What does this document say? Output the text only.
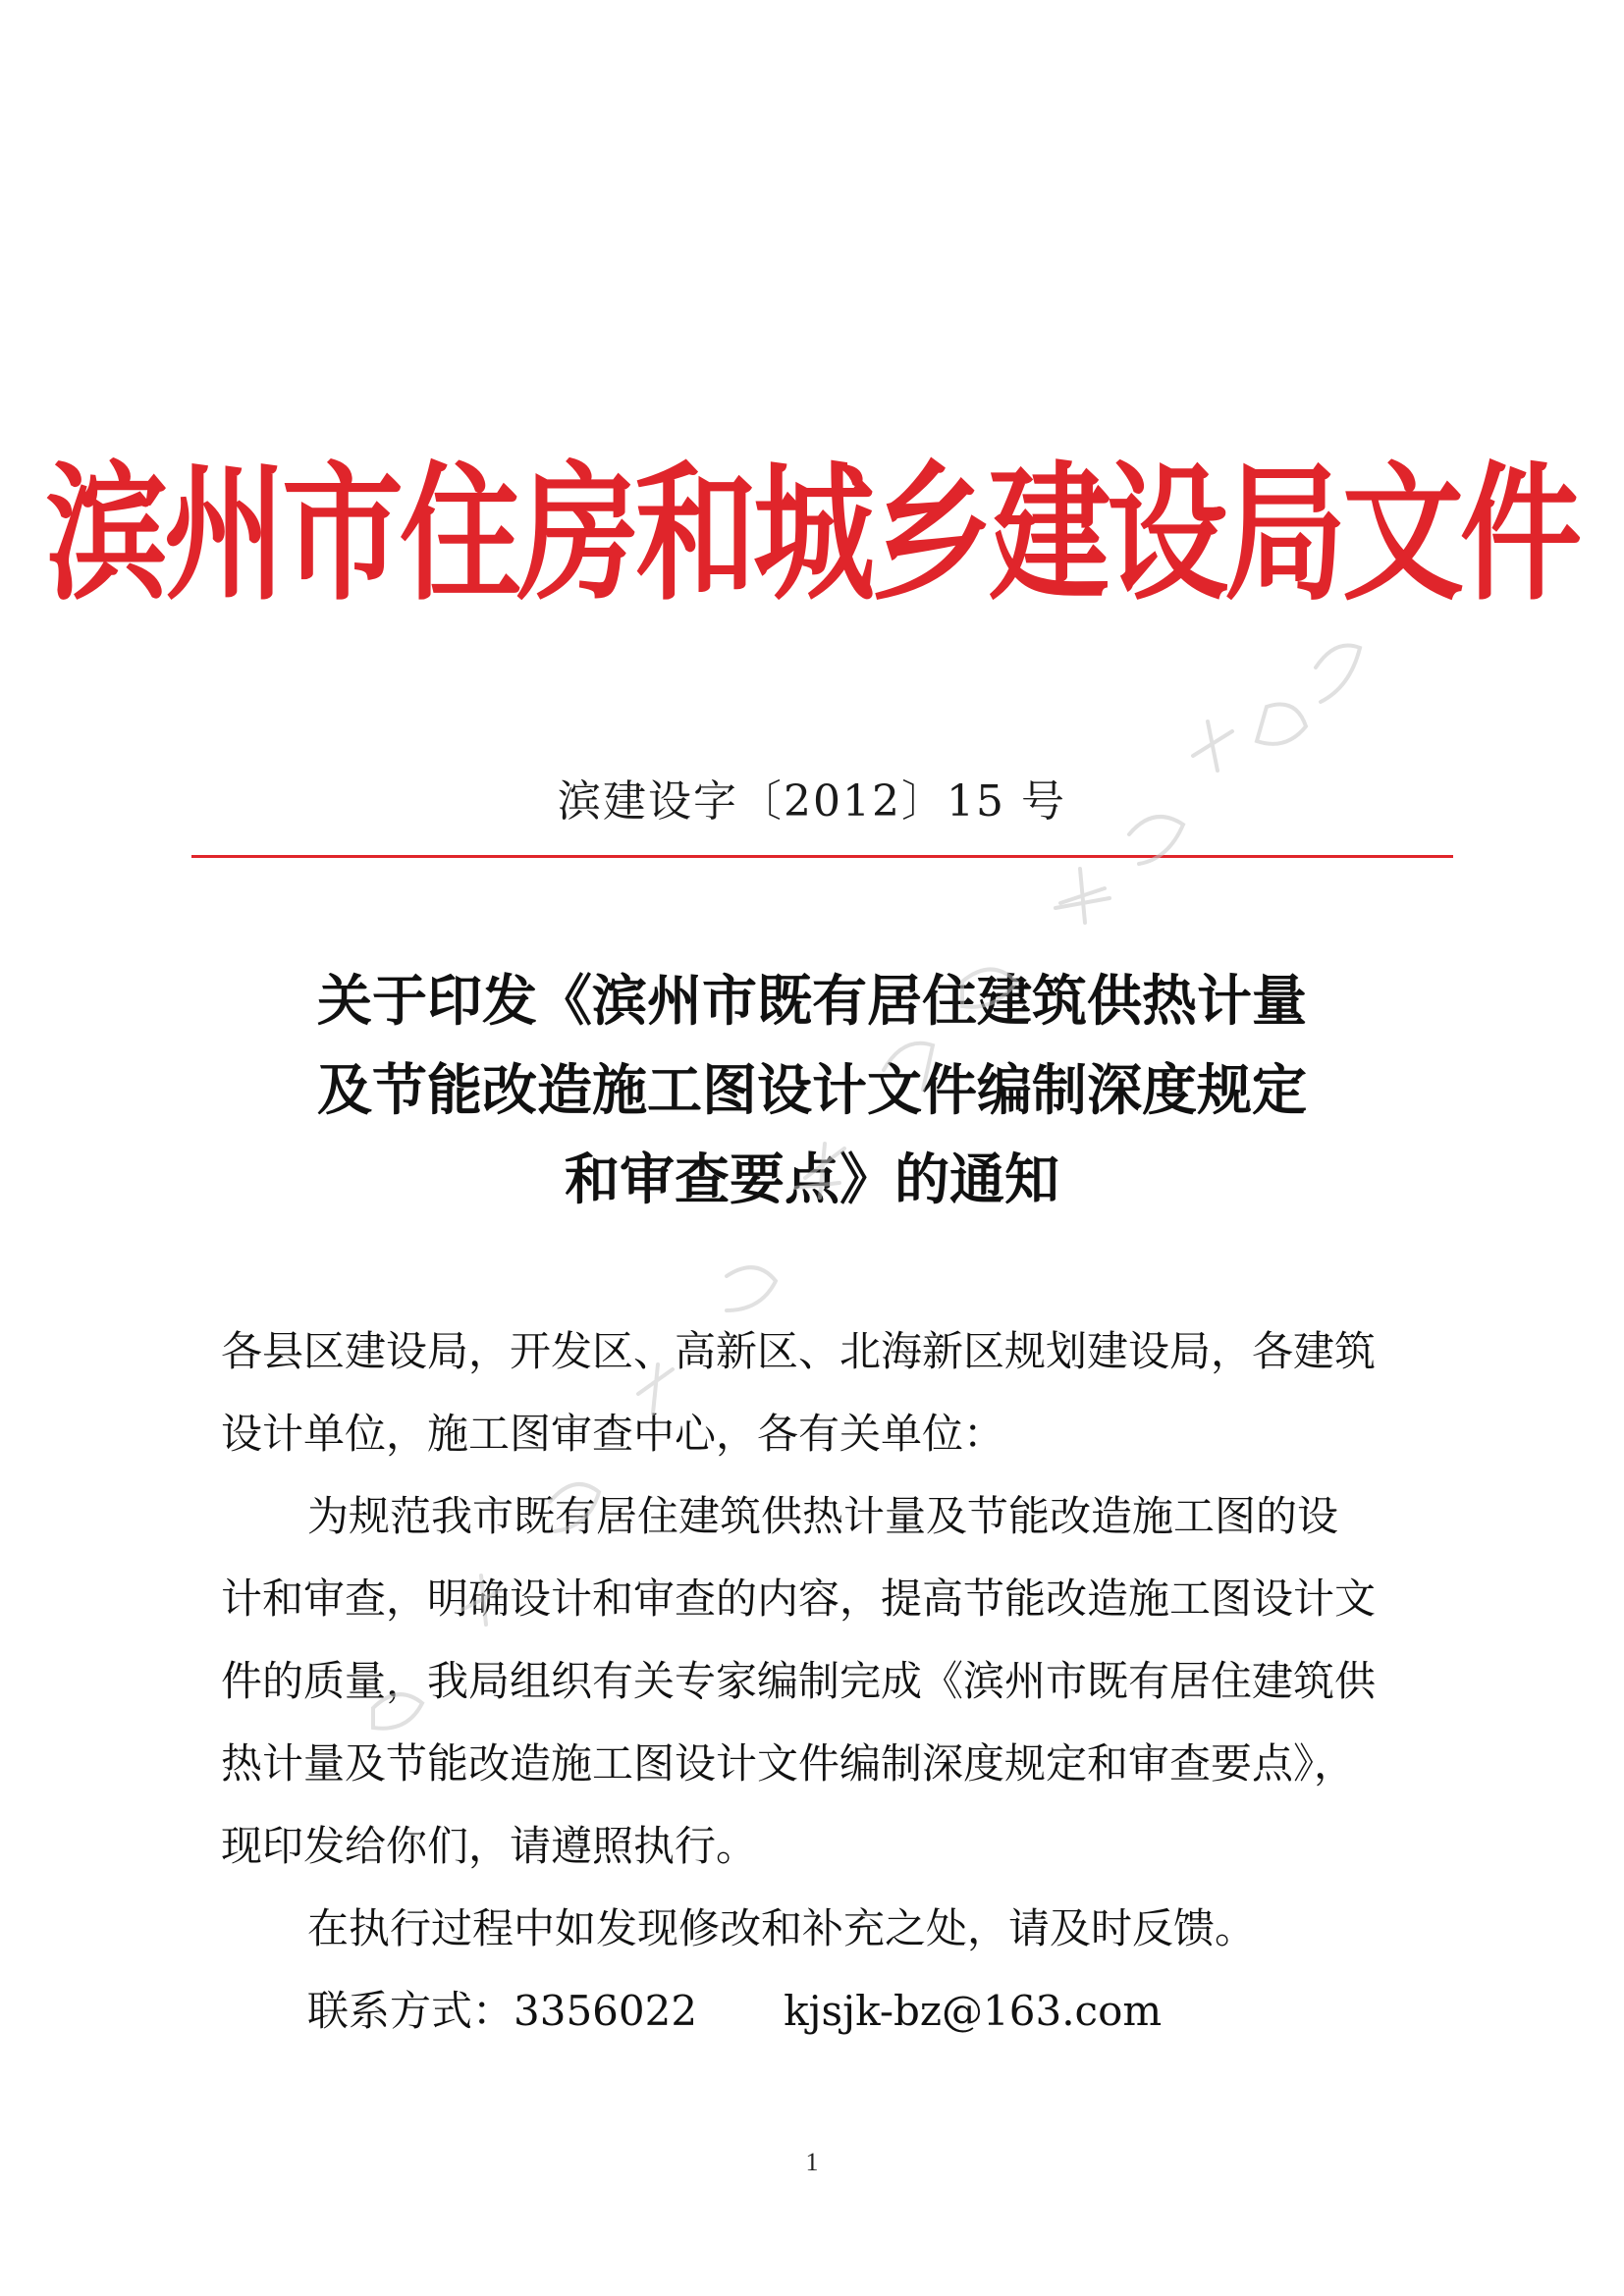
滨州市住房和城乡建设局文件
滨建设字〔2012〕15 号
关于印发《滨州市既有居住建筑供热计量
及节能改造施工图设计文件编制深度规定
和审查要点》的通知

各县区建设局，开发区、高新区、北海新区规划建设局，各建筑

设计单位，施工图审查中心，各有关单位：

为规范我市既有居住建筑供热计量及节能改造施工图的设

计和审查，明确设计和审查的内容，提高节能改造施工图设计文

件的质量，我局组织有关专家编制完成《滨州市既有居住建筑供

热计量及节能改造施工图设计文件编制深度规定和审查要点》，

现印发给你们，请遵照执行。

在执行过程中如发现修改和补充之处，请及时反馈。

联系方式：3356022 kjsjk-bz@163.com

1
